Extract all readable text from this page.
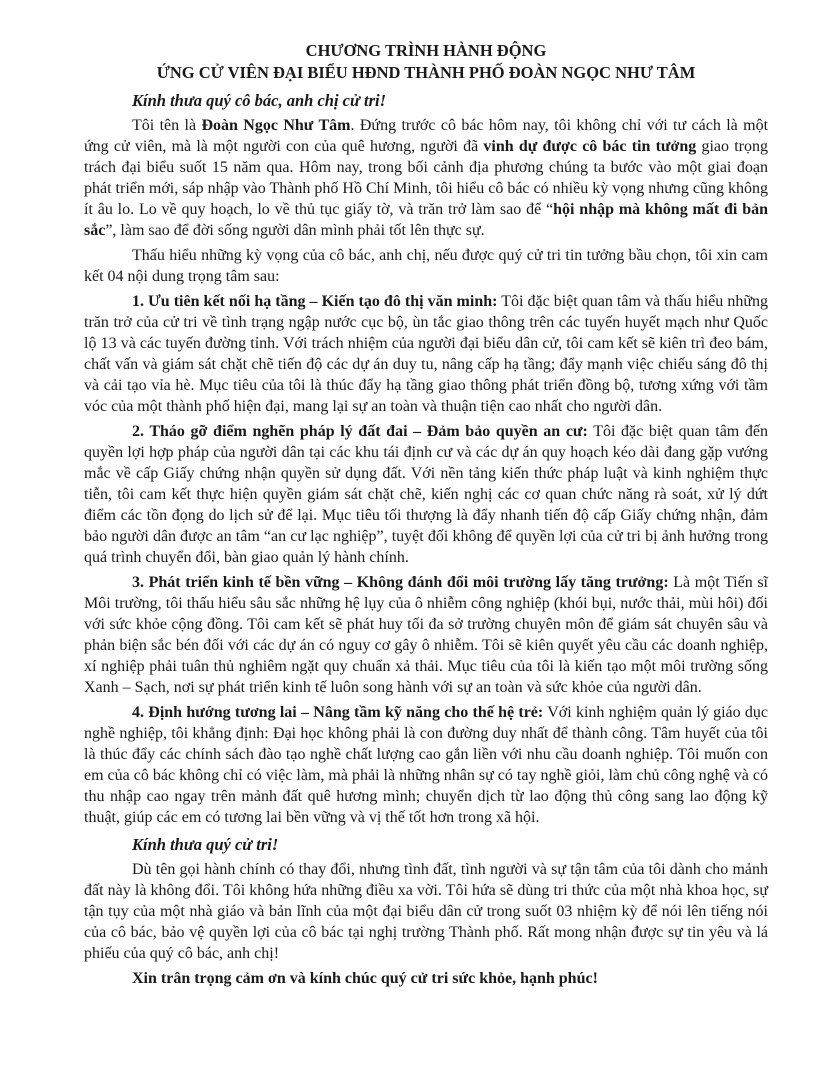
CHƯƠNG TRÌNH HÀNH ĐỘNG

ỨNG CỬ VIÊN ĐẠI BIỂU HĐND THÀNH PHỐ ĐOÀN NGỌC NHƯ TÂM

Kính thưa quý cô bác, anh chị cử tri!

Tôi tên là Đoàn Ngọc Như Tâm. Đứng trước cô bác hôm nay, tôi không chỉ với tư cách là một ứng cử viên, mà là một người con của quê hương, người đã vinh dự được cô bác tin tưởng giao trọng trách đại biểu suốt 15 năm qua. Hôm nay, trong bối cảnh địa phương chúng ta bước vào một giai đoạn phát triển mới, sáp nhập vào Thành phố Hồ Chí Minh, tôi hiểu cô bác có nhiều kỳ vọng nhưng cũng không ít âu lo. Lo về quy hoạch, lo về thủ tục giấy tờ, và trăn trở làm sao để “hội nhập mà không mất đi bản sắc”, làm sao để đời sống người dân mình phải tốt lên thực sự.

Thấu hiểu những kỳ vọng của cô bác, anh chị, nếu được quý cử tri tin tưởng bầu chọn, tôi xin cam kết 04 nội dung trọng tâm sau:

1. Ưu tiên kết nối hạ tầng – Kiến tạo đô thị văn minh: Tôi đặc biệt quan tâm và thấu hiểu những trăn trở của cử tri về tình trạng ngập nước cục bộ, ùn tắc giao thông trên các tuyến huyết mạch như Quốc lộ 13 và các tuyến đường tỉnh. Với trách nhiệm của người đại biểu dân cử, tôi cam kết sẽ kiên trì đeo bám, chất vấn và giám sát chặt chẽ tiến độ các dự án duy tu, nâng cấp hạ tầng; đẩy mạnh việc chiếu sáng đô thị và cải tạo vỉa hè. Mục tiêu của tôi là thúc đẩy hạ tầng giao thông phát triển đồng bộ, tương xứng với tầm vóc của một thành phố hiện đại, mang lại sự an toàn và thuận tiện cao nhất cho người dân.

2. Tháo gỡ điểm nghẽn pháp lý đất đai – Đảm bảo quyền an cư: Tôi đặc biệt quan tâm đến quyền lợi hợp pháp của người dân tại các khu tái định cư và các dự án quy hoạch kéo dài đang gặp vướng mắc về cấp Giấy chứng nhận quyền sử dụng đất. Với nền tảng kiến thức pháp luật và kinh nghiệm thực tiễn, tôi cam kết thực hiện quyền giám sát chặt chẽ, kiến nghị các cơ quan chức năng rà soát, xử lý dứt điểm các tồn đọng do lịch sử để lại. Mục tiêu tối thượng là đẩy nhanh tiến độ cấp Giấy chứng nhận, đảm bảo người dân được an tâm “an cư lạc nghiệp”, tuyệt đối không để quyền lợi của cử tri bị ảnh hưởng trong quá trình chuyển đổi, bàn giao quản lý hành chính.

3. Phát triển kinh tế bền vững – Không đánh đổi môi trường lấy tăng trưởng: Là một Tiến sĩ Môi trường, tôi thấu hiểu sâu sắc những hệ lụy của ô nhiễm công nghiệp (khói bụi, nước thải, mùi hôi) đối với sức khỏe cộng đồng. Tôi cam kết sẽ phát huy tối đa sở trường chuyên môn để giám sát chuyên sâu và phản biện sắc bén đối với các dự án có nguy cơ gây ô nhiễm. Tôi sẽ kiên quyết yêu cầu các doanh nghiệp, xí nghiệp phải tuân thủ nghiêm ngặt quy chuẩn xả thải. Mục tiêu của tôi là kiến tạo một môi trường sống Xanh – Sạch, nơi sự phát triển kinh tế luôn song hành với sự an toàn và sức khỏe của người dân.

4. Định hướng tương lai – Nâng tầm kỹ năng cho thế hệ trẻ: Với kinh nghiệm quản lý giáo dục nghề nghiệp, tôi khẳng định: Đại học không phải là con đường duy nhất để thành công. Tâm huyết của tôi là thúc đẩy các chính sách đào tạo nghề chất lượng cao gắn liền với nhu cầu doanh nghiệp. Tôi muốn con em của cô bác không chỉ có việc làm, mà phải là những nhân sự có tay nghề giỏi, làm chủ công nghệ và có thu nhập cao ngay trên mảnh đất quê hương mình; chuyển dịch từ lao động thủ công sang lao động kỹ thuật, giúp các em có tương lai bền vững và vị thế tốt hơn trong xã hội.

Kính thưa quý cử tri!

Dù tên gọi hành chính có thay đổi, nhưng tình đất, tình người và sự tận tâm của tôi dành cho mảnh đất này là không đổi. Tôi không hứa những điều xa vời. Tôi hứa sẽ dùng tri thức của một nhà khoa học, sự tận tụy của một nhà giáo và bản lĩnh của một đại biểu dân cử trong suốt 03 nhiệm kỳ để nói lên tiếng nói của cô bác, bảo vệ quyền lợi của cô bác tại nghị trường Thành phố. Rất mong nhận được sự tin yêu và lá phiếu của quý cô bác, anh chị!

Xin trân trọng cảm ơn và kính chúc quý cử tri sức khỏe, hạnh phúc!
